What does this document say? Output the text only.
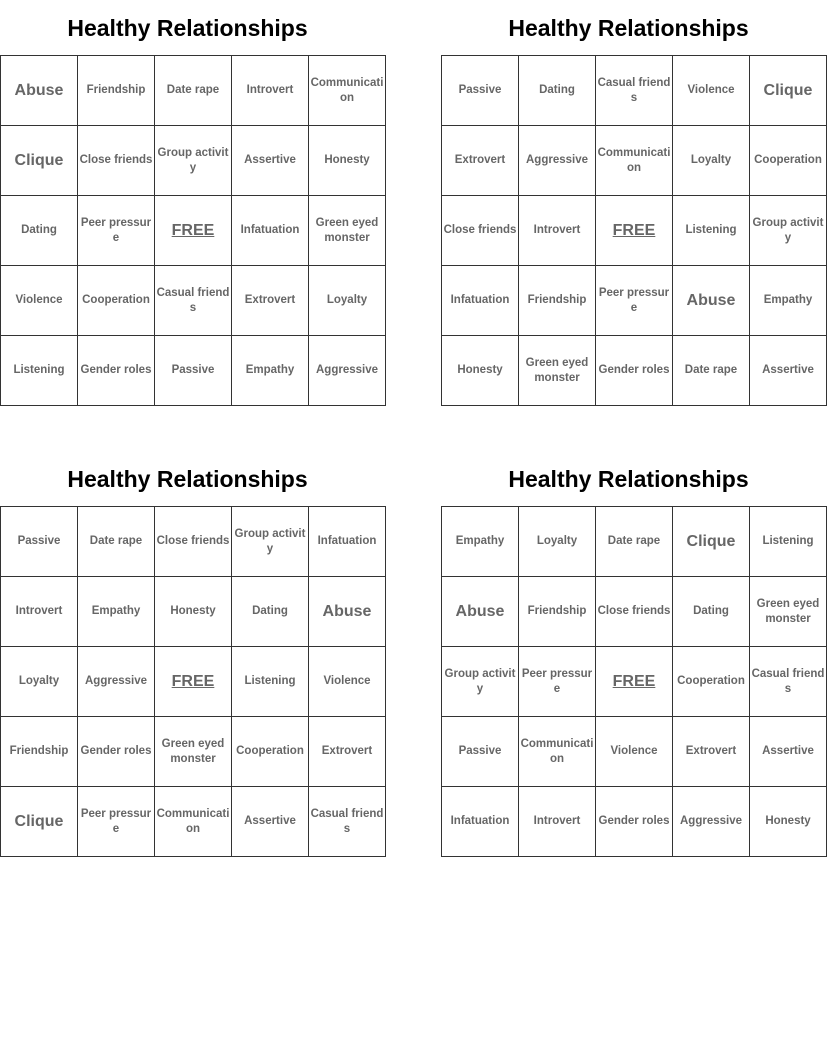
Healthy Relationships
Abuse	Friendship	Date rape	Introvert	Communication
Clique	Close friends	Group activity	Assertive	Honesty
Dating	Peer pressure	FREE	Infatuation	Green eyed monster
Violence	Cooperation	Casual friends	Extrovert	Loyalty
Listening	Gender roles	Passive	Empathy	Aggressive
Healthy Relationships
Passive	Dating	Casual friends	Violence	Clique
Extrovert	Aggressive	Communication	Loyalty	Cooperation
Close friends	Introvert	FREE	Listening	Group activity
Infatuation	Friendship	Peer pressure	Abuse	Empathy
Honesty	Green eyed monster	Gender roles	Date rape	Assertive
Healthy Relationships
Passive	Date rape	Close friends	Group activity	Infatuation
Introvert	Empathy	Honesty	Dating	Abuse
Loyalty	Aggressive	FREE	Listening	Violence
Friendship	Gender roles	Green eyed monster	Cooperation	Extrovert
Clique	Peer pressure	Communication	Assertive	Casual friends
Healthy Relationships
Empathy	Loyalty	Date rape	Clique	Listening
Abuse	Friendship	Close friends	Dating	Green eyed monster
Group activity	Peer pressure	FREE	Cooperation	Casual friends
Passive	Communication	Violence	Extrovert	Assertive
Infatuation	Introvert	Gender roles	Aggressive	Honesty
